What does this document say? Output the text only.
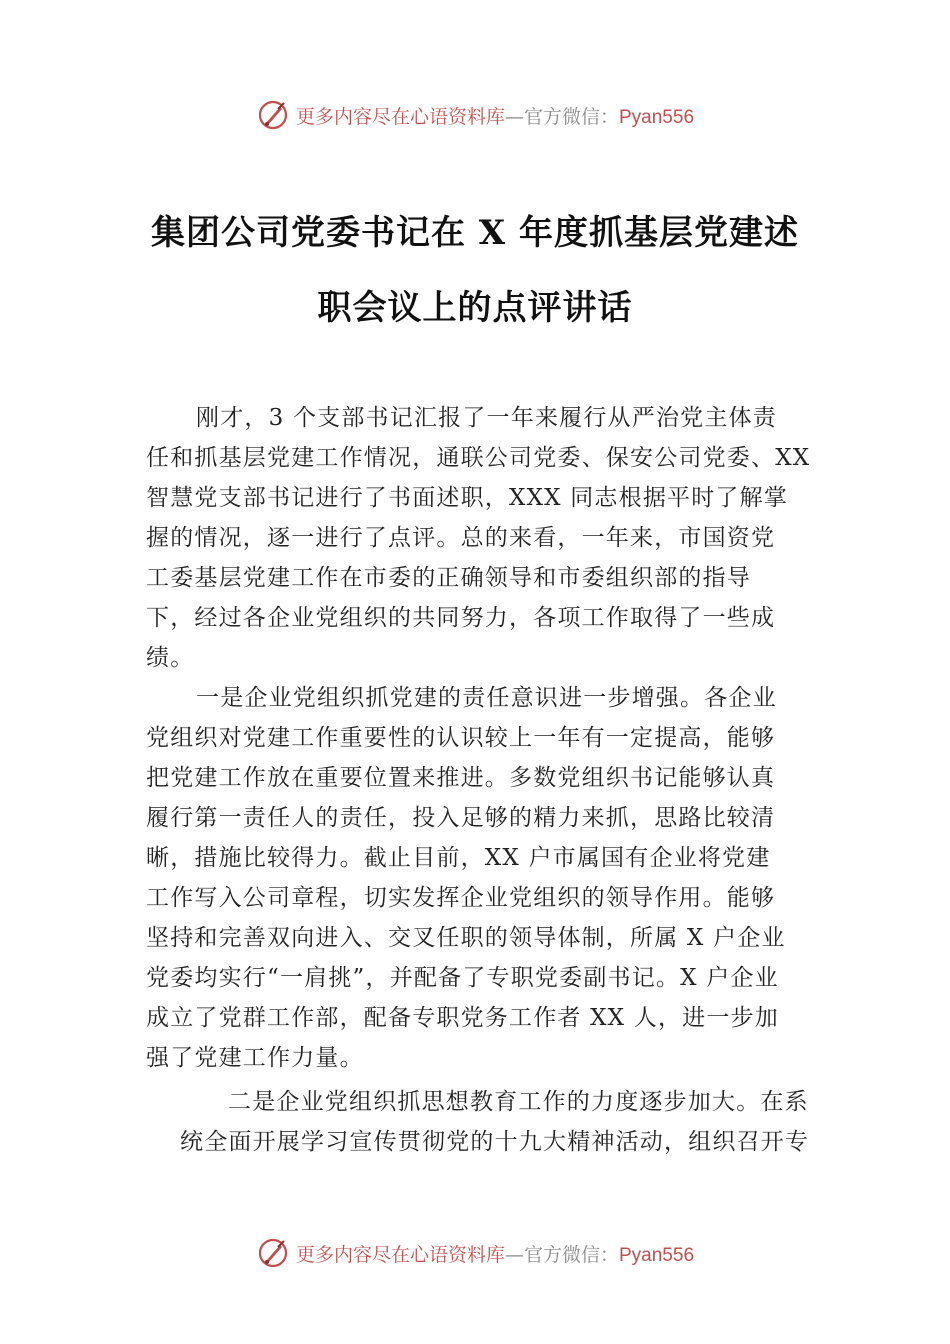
更多内容尽在心语资料库—官方微信：Pyan556
集团公司党委书记在 X 年度抓基层党建述
职会议上的点评讲话
刚才，3 个支部书记汇报了一年来履行从严治党主体责
任和抓基层党建工作情况，通联公司党委、保安公司党委、XX
智慧党支部书记进行了书面述职，XXX 同志根据平时了解掌
握的情况，逐一进行了点评。总的来看，一年来，市国资党
工委基层党建工作在市委的正确领导和市委组织部的指导
下，经过各企业党组织的共同努力，各项工作取得了一些成
绩。
一是企业党组织抓党建的责任意识进一步增强。各企业
党组织对党建工作重要性的认识较上一年有一定提高，能够
把党建工作放在重要位置来推进。多数党组织书记能够认真
履行第一责任人的责任，投入足够的精力来抓，思路比较清
晰，措施比较得力。截止目前，XX 户市属国有企业将党建
工作写入公司章程，切实发挥企业党组织的领导作用。能够
坚持和完善双向进入、交叉任职的领导体制，所属 X 户企业
党委均实行“一肩挑”，并配备了专职党委副书记。X 户企业
成立了党群工作部，配备专职党务工作者 XX 人，进一步加
强了党建工作力量。
二是企业党组织抓思想教育工作的力度逐步加大。在系
统全面开展学习宣传贯彻党的十九大精神活动，组织召开专
更多内容尽在心语资料库—官方微信：Pyan556
